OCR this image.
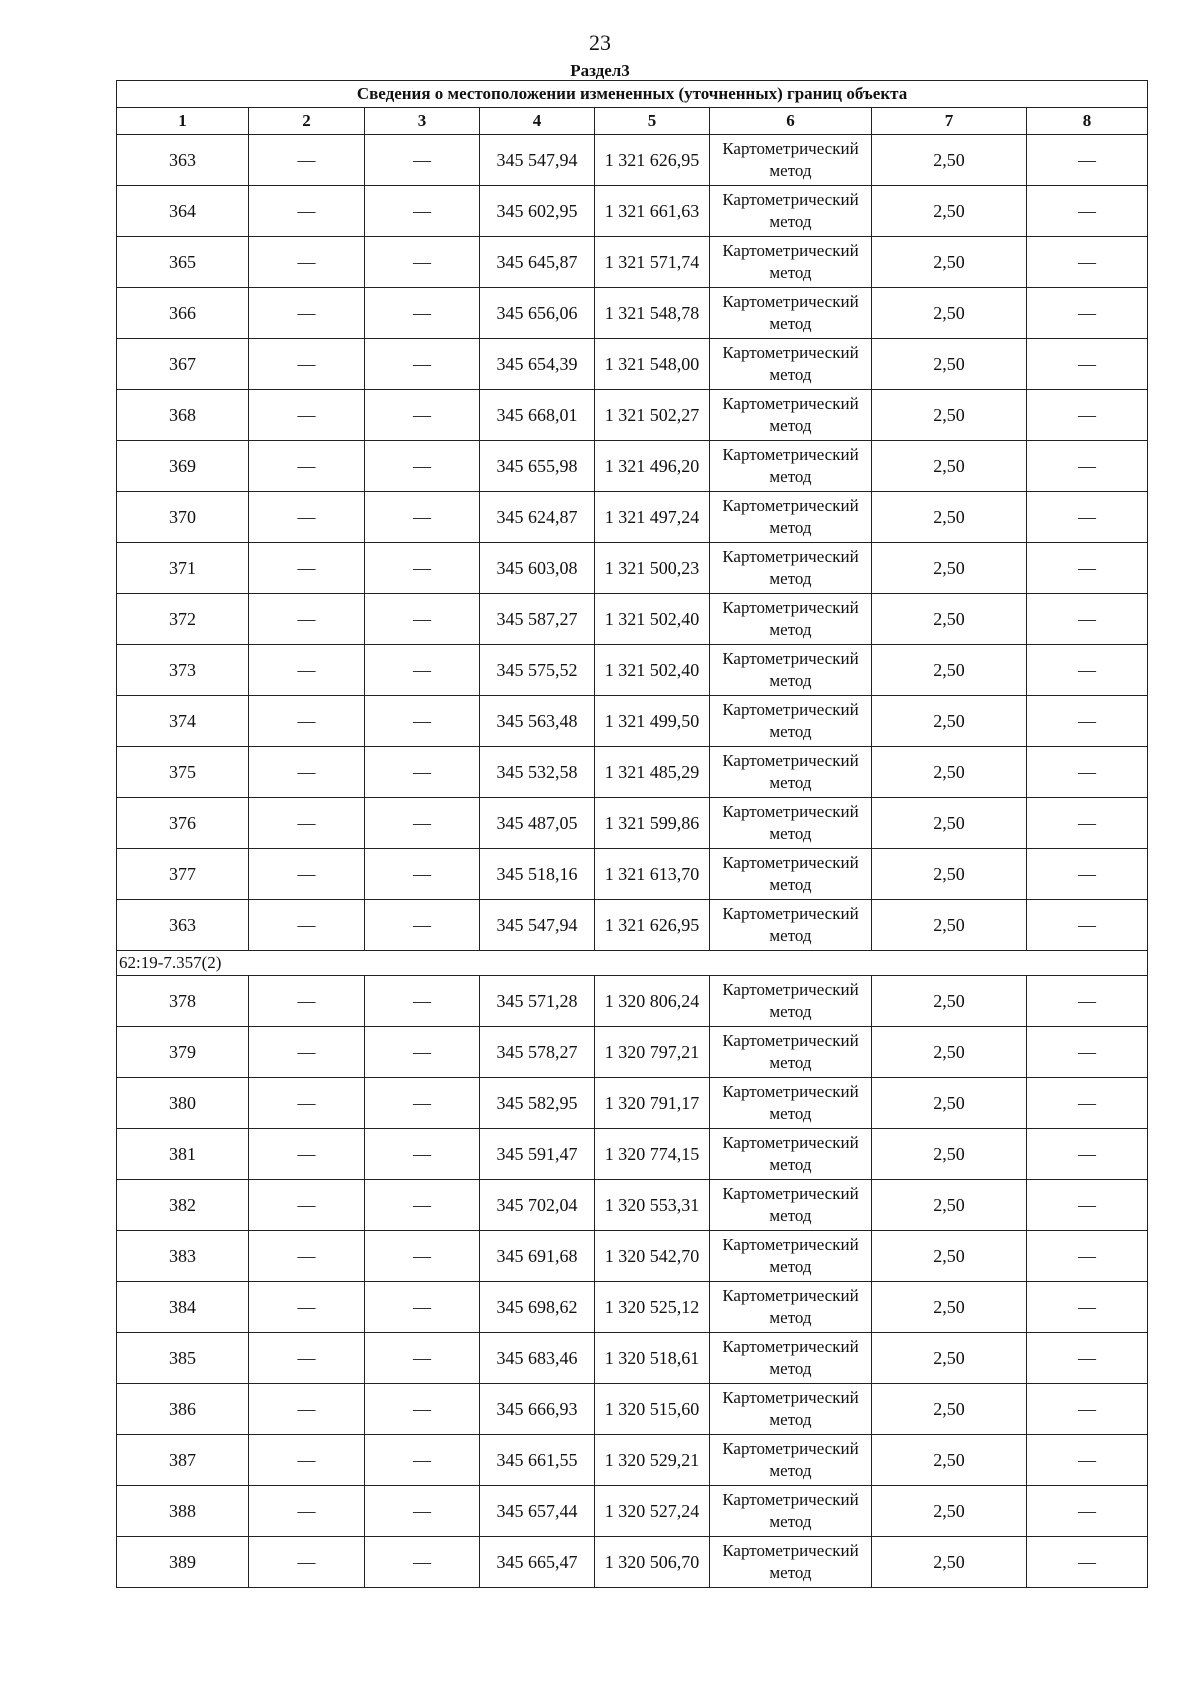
23
Раздел3
Сведения о местоположении измененных (уточненных) границ объекта							
1	2	3	4	5	6	7	8
363	—	—	345 547,94	1 321 626,95	Картометрический метод	2,50	—
364	—	—	345 602,95	1 321 661,63	Картометрический метод	2,50	—
365	—	—	345 645,87	1 321 571,74	Картометрический метод	2,50	—
366	—	—	345 656,06	1 321 548,78	Картометрический метод	2,50	—
367	—	—	345 654,39	1 321 548,00	Картометрический метод	2,50	—
368	—	—	345 668,01	1 321 502,27	Картометрический метод	2,50	—
369	—	—	345 655,98	1 321 496,20	Картометрический метод	2,50	—
370	—	—	345 624,87	1 321 497,24	Картометрический метод	2,50	—
371	—	—	345 603,08	1 321 500,23	Картометрический метод	2,50	—
372	—	—	345 587,27	1 321 502,40	Картометрический метод	2,50	—
373	—	—	345 575,52	1 321 502,40	Картометрический метод	2,50	—
374	—	—	345 563,48	1 321 499,50	Картометрический метод	2,50	—
375	—	—	345 532,58	1 321 485,29	Картометрический метод	2,50	—
376	—	—	345 487,05	1 321 599,86	Картометрический метод	2,50	—
377	—	—	345 518,16	1 321 613,70	Картометрический метод	2,50	—
363	—	—	345 547,94	1 321 626,95	Картометрический метод	2,50	—
62:19-7.357(2)							
378	—	—	345 571,28	1 320 806,24	Картометрический метод	2,50	—
379	—	—	345 578,27	1 320 797,21	Картометрический метод	2,50	—
380	—	—	345 582,95	1 320 791,17	Картометрический метод	2,50	—
381	—	—	345 591,47	1 320 774,15	Картометрический метод	2,50	—
382	—	—	345 702,04	1 320 553,31	Картометрический метод	2,50	—
383	—	—	345 691,68	1 320 542,70	Картометрический метод	2,50	—
384	—	—	345 698,62	1 320 525,12	Картометрический метод	2,50	—
385	—	—	345 683,46	1 320 518,61	Картометрический метод	2,50	—
386	—	—	345 666,93	1 320 515,60	Картометрический метод	2,50	—
387	—	—	345 661,55	1 320 529,21	Картометрический метод	2,50	—
388	—	—	345 657,44	1 320 527,24	Картометрический метод	2,50	—
389	—	—	345 665,47	1 320 506,70	Картометрический метод	2,50	—
